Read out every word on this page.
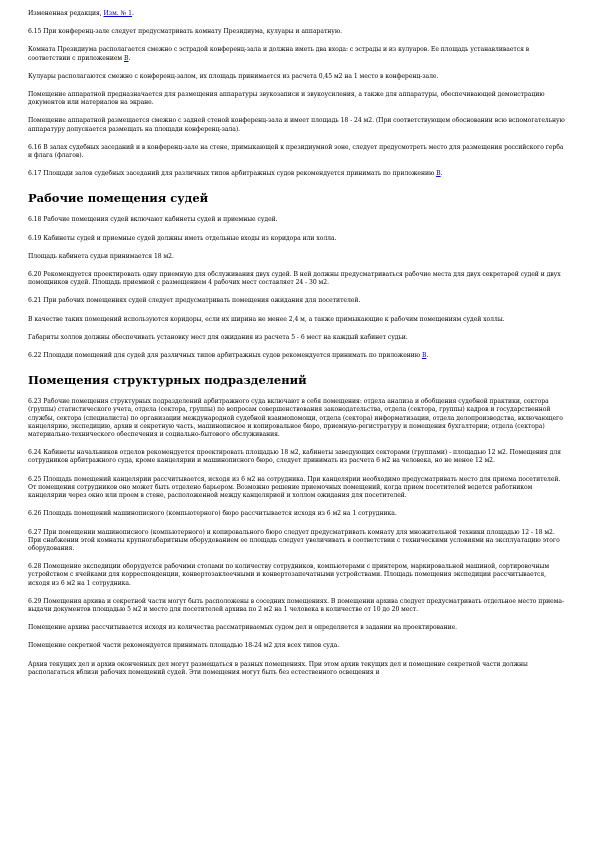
Измененная редакция, Изм. № 1.

6.15 При конференц-зале следует предусматривать комнату Президиума, кулуары и аппаратную.

Комната Президиума располагается смежно с эстрадой конференц-зала и должна иметь два входа: с эстрады и из кулуаров. Ее площадь устанавливается в соответствии с приложением В.

Кулуары располагаются смежно с конференц-залом, их площадь принимается из расчета 0,45 м2 на 1 место в конференц-зале.

Помещение аппаратной предназначается для размещения аппаратуры звукозаписи и звукоусиления, а также для аппаратуры, обеспечивающей демонстрацию документов или материалов на экране.

Помещение аппаратной размещается смежно с задней стеной конференц-зала и имеет площадь 18 - 24 м2. (При соответствующем обосновании всю вспомогательную аппаратуру допускается размещать на площади конференц-зала).

6.16 В залах судебных заседаний и в конференц-зале на стене, примыкающей к президиумной зоне, следует предусмотреть место для размещения российского герба и флага (флагов).

6.17 Площади залов судебных заседаний для различных типов арбитражных судов рекомендуется принимать по приложению В.

Рабочие помещения судей

6.18 Рабочие помещения судей включают кабинеты судей и приемные судей.

6.19 Кабинеты судей и приемные судей должны иметь отдельные входы из коридора или холла.

Площадь кабинета судьи принимается 18 м2.

6.20 Рекомендуется проектировать одну приемную для обслуживания двух судей. В ней должны предусматриваться рабочие места для двух секретарей судей и двух помощников судей. Площадь приемной с размещением 4 рабочих мест составляет 24 - 30 м2.

6.21 При рабочих помещениях судей следует предусматривать помещения ожидания для посетителей.

В качестве таких помещений используются коридоры, если их ширина не менее 2,4 м, а также примыкающие к рабочим помещениям судей холлы.

Габариты холлов должны обеспечивать установку мест для ожидания из расчета 5 - 6 мест на каждый кабинет судьи.

6.22 Площади помещений для судей для различных типов арбитражных судов рекомендуется принимать по приложению В.

Помещения структурных подразделений

6.23 Рабочие помещения структурных подразделений арбитражного суда включают в себя помещения: отдела анализа и обобщения судебной практики, сектора (группы) статистического учета, отдела (сектора, группы) по вопросам совершенствования законодательства, отдела (сектора, группы) кадров и государственной службы, сектора (специалиста) по организации международной судебной взаимопомощи, отдела (сектора) информатизации, отдела делопроизводства, включающего канцелярию, экспедицию, архив и секретную часть, машинописное и копировальное бюро, приемную-регистратуру и помещения бухгалтерии; отдела (сектора) материально-технического обеспечения и социально-бытового обслуживания.

6.24 Кабинеты начальников отделов рекомендуется проектировать площадью 18 м2, кабинеты заведующих секторами (группами) - площадью 12 м2. Помещения для сотрудников арбитражного суда, кроме канцелярии и машинописного бюро, следует принимать из расчета 6 м2 на человека, но не менее 12 м2.

6.25 Площадь помещений канцелярии рассчитывается, исходя из 6 м2 на сотрудника. При канцелярии необходимо предусматривать место для приема посетителей. От помещения сотрудников оно может быть отделено барьером. Возможно решение приемочных помещений, когда прием посетителей ведется работником канцелярии через окно или проем в стене, расположенной между канцелярией и холлом ожидания для посетителей.

6.26 Площадь помещений машинописного (компьютерного) бюро рассчитывается исходя из 6 м2 на 1 сотрудника.

6.27 При помещении машинописного (компьютерного) и копировального бюро следует предусматривать комнату для множительной техники площадью 12 - 18 м2. При снабжении этой комнаты крупногабаритным оборудованием ее площадь следует увеличивать в соответствии с техническими условиями на эксплуатацию этого оборудования.

6.28 Помещение экспедиции оборудуется рабочими столами по количеству сотрудников, компьютерами с принтером, маркировальной машиной, сортировочным устройством с ячейками для корреспонденции, конвертозаклеечными и конвертозапечатными устройствами. Площадь помещения экспедиции рассчитывается, исходя из 6 м2 на 1 сотрудника.

6.29 Помещения архива и секретной части могут быть расположены в соседних помещениях. В помещении архива следует предусматривать отдельное место приема-выдачи документов площадью 5 м2 и место для посетителей архива по 2 м2 на 1 человека в количестве от 10 до 20 мест.

Помещение архива рассчитывается исходя из количества рассматриваемых судом дел и определяется в задании на проектирование.

Помещение секретной части рекомендуется принимать площадью 18-24 м2 для всех типов суда.

Архив текущих дел и архив оконченных дел могут размещаться в разных помещениях. При этом архив текущих дел и помещение секретной части должны располагаться вблизи рабочих помещений судей. Эти помещения могут быть без естественного освещения и
